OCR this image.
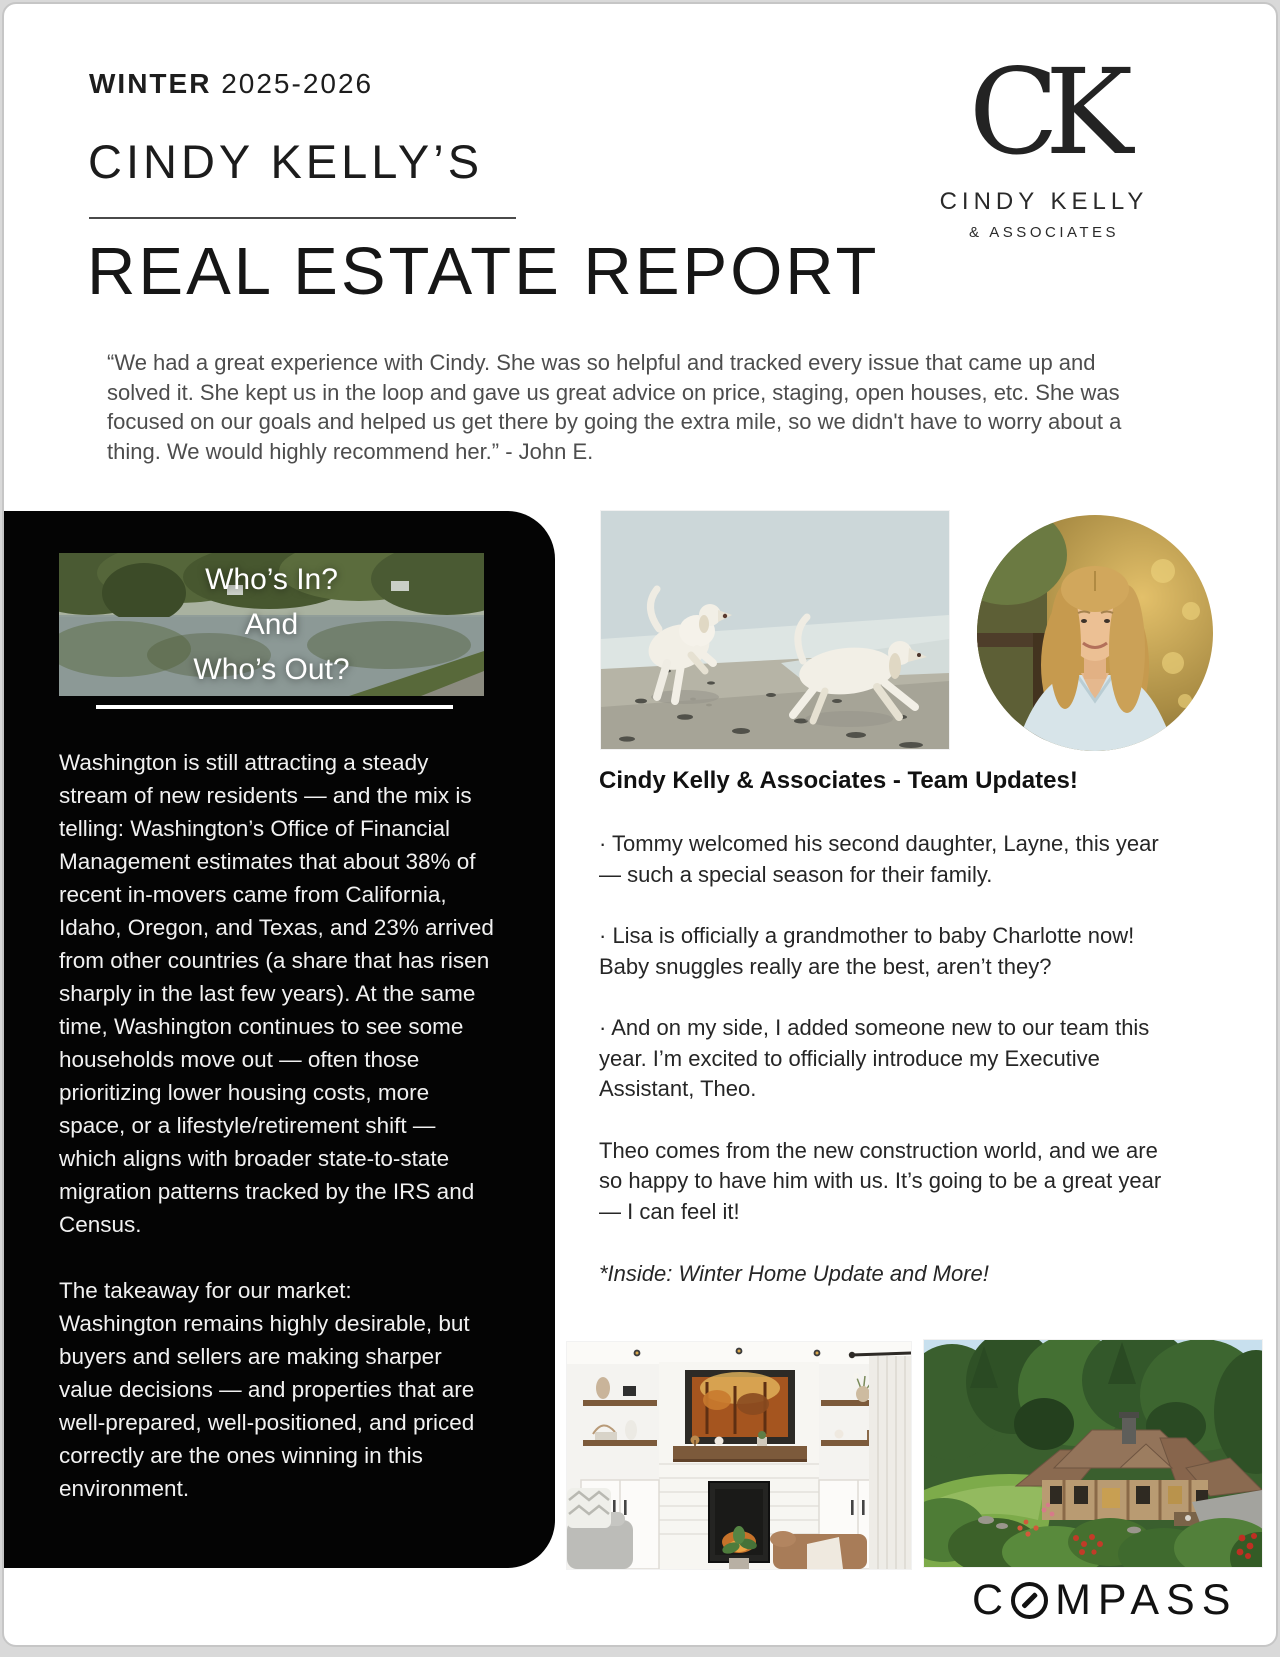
WINTER 2025-2026
CINDY KELLY’S
REAL ESTATE REPORT
CK
CINDY KELLY
& ASSOCIATES
“We had a great experience with Cindy. She was so helpful and tracked every issue that came up and solved it. She kept us in the loop and gave us great advice on price, staging, open houses, etc. She was focused on our goals and helped us get there by going the extra mile, so we didn't have to worry about a thing. We would highly recommend her.” - John E.
Who’s In?
And
Who’s Out?

Washington is still attracting a steady stream of new residents — and the mix is telling: Washington’s Office of Financial Management estimates that about 38% of recent in-movers came from California, Idaho, Oregon, and Texas, and 23% arrived from other countries (a share that has risen sharply in the last few years). At the same time, Washington continues to see some households move out — often those prioritizing lower housing costs, more space, or a lifestyle/retirement shift — which aligns with broader state-to-state migration patterns tracked by the IRS and Census.

The takeaway for our market:

Washington remains highly desirable, but buyers and sellers are making sharper value decisions — and properties that are well-prepared, well-positioned, and priced correctly are the ones winning in this environment.

Cindy Kelly & Associates - Team Updates!
· Tommy welcomed his second daughter, Layne, this year — such a special season for their family.
· Lisa is officially a grandmother to baby Charlotte now! Baby snuggles really are the best, aren’t they?
· And on my side, I added someone new to our team this year. I’m excited to officially introduce my Executive Assistant, Theo.
Theo comes from the new construction world, and we are so happy to have him with us. It’s going to be a great year — I can feel it!
*Inside: Winter Home Update and More!
C MPASS
